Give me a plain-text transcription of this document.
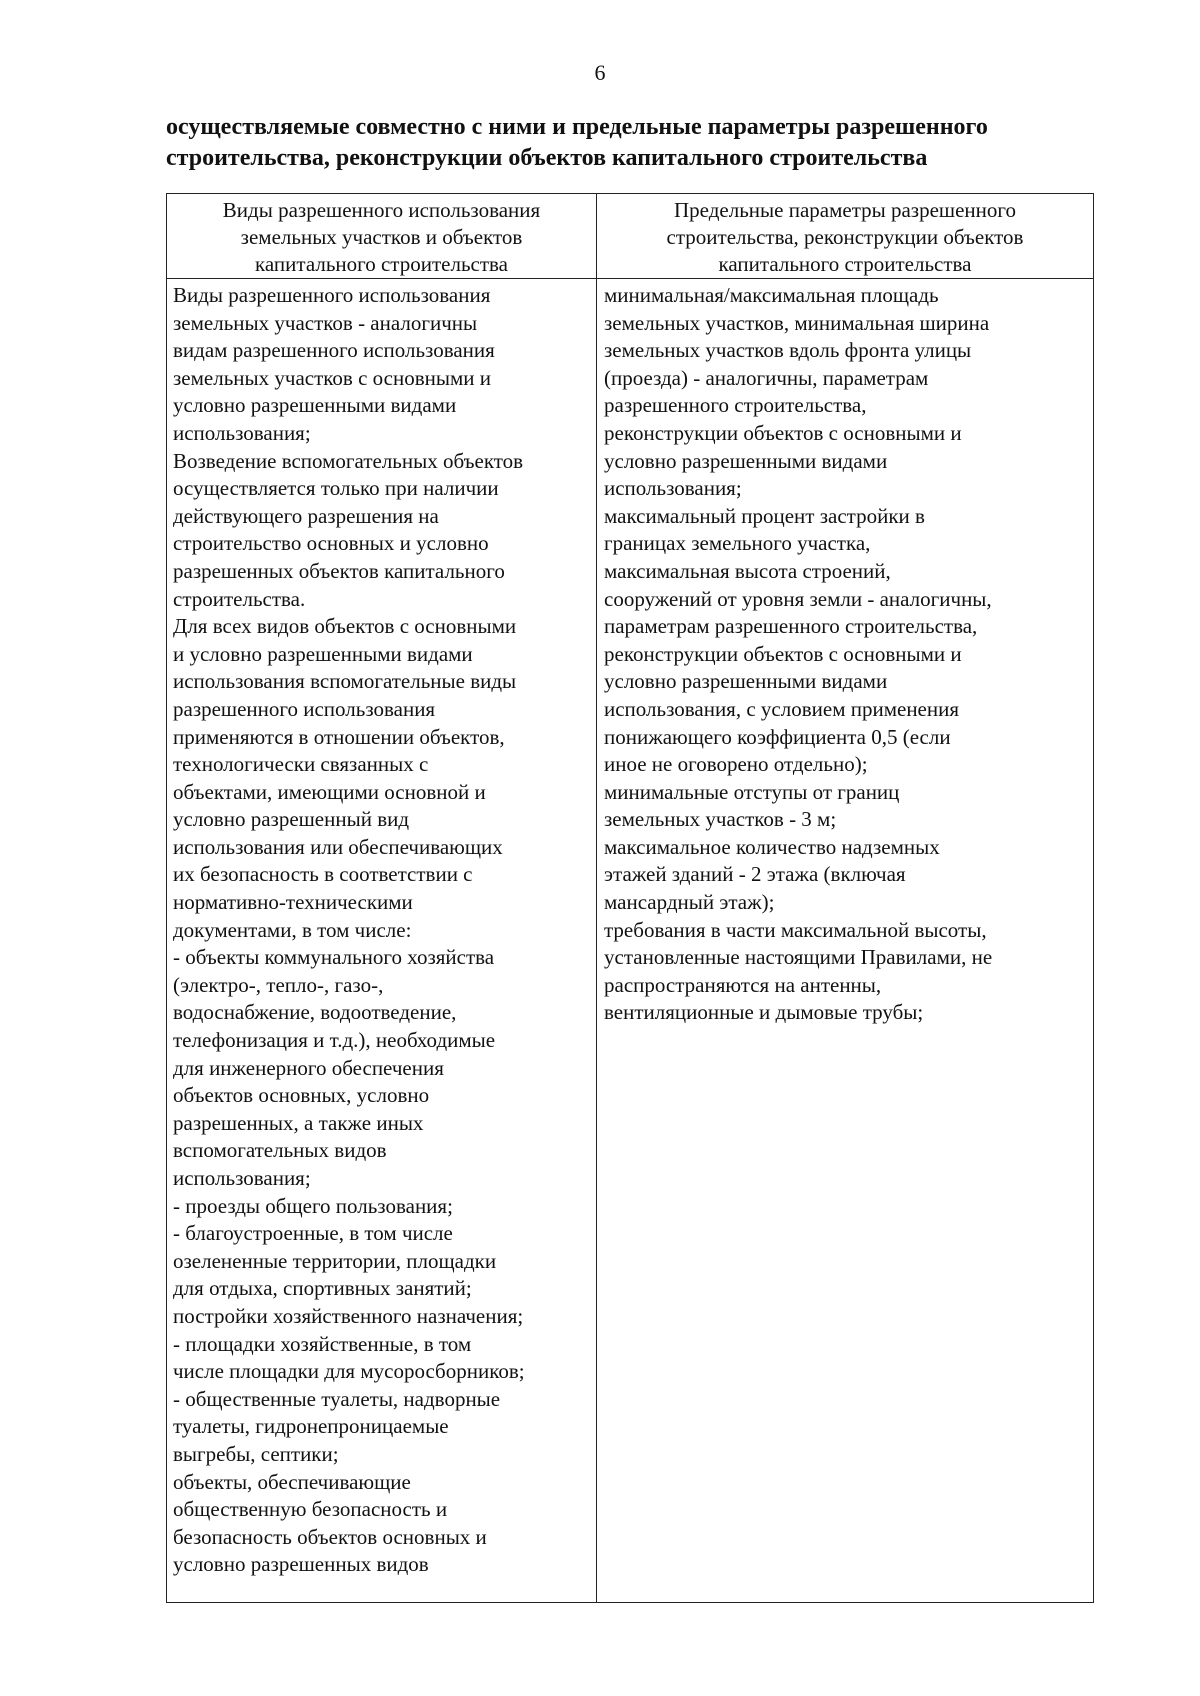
6
осуществляемые совместно с ними и предельные параметры разрешенного
строительства, реконструкции объектов капитального строительства
Виды разрешенного использования
земельных участков и объектов
капитального строительства
Предельные параметры разрешенного
строительства, реконструкции объектов
капитального строительства
Виды разрешенного использования
земельных участков - аналогичны
видам разрешенного использования
земельных участков с основными и
условно разрешенными видами
использования;
Возведение вспомогательных объектов
осуществляется только при наличии
действующего разрешения на
строительство основных и условно
разрешенных объектов капитального
строительства.
Для всех видов объектов с основными
и условно разрешенными видами
использования вспомогательные виды
разрешенного использования
применяются в отношении объектов,
технологически связанных с
объектами, имеющими основной и
условно разрешенный вид
использования или обеспечивающих
их безопасность в соответствии с
нормативно-техническими
документами, в том числе:
- объекты коммунального хозяйства
(электро-, тепло-, газо-,
водоснабжение, водоотведение,
телефонизация и т.д.), необходимые
для инженерного обеспечения
объектов основных, условно
разрешенных, а также иных
вспомогательных видов
использования;
- проезды общего пользования;
- благоустроенные, в том числе
озелененные территории, площадки
для отдыха, спортивных занятий;
постройки хозяйственного назначения;
- площадки хозяйственные, в том
числе площадки для мусоросборников;
- общественные туалеты, надворные
туалеты, гидронепроницаемые
выгребы, септики;
объекты, обеспечивающие
общественную безопасность и
безопасность объектов основных и
условно разрешенных видов
минимальная/максимальная площадь
земельных участков, минимальная ширина
земельных участков вдоль фронта улицы
(проезда) - аналогичны, параметрам
разрешенного строительства,
реконструкции объектов с основными и
условно разрешенными видами
использования;
максимальный процент застройки в
границах земельного участка,
максимальная высота строений,
сооружений от уровня земли - аналогичны,
параметрам разрешенного строительства,
реконструкции объектов с основными и
условно разрешенными видами
использования, с условием применения
понижающего коэффициента 0,5 (если
иное не оговорено отдельно);
минимальные отступы от границ
земельных участков - 3 м;
максимальное количество надземных
этажей зданий - 2 этажа (включая
мансардный этаж);
требования в части максимальной высоты,
установленные настоящими Правилами, не
распространяются на антенны,
вентиляционные и дымовые трубы;
